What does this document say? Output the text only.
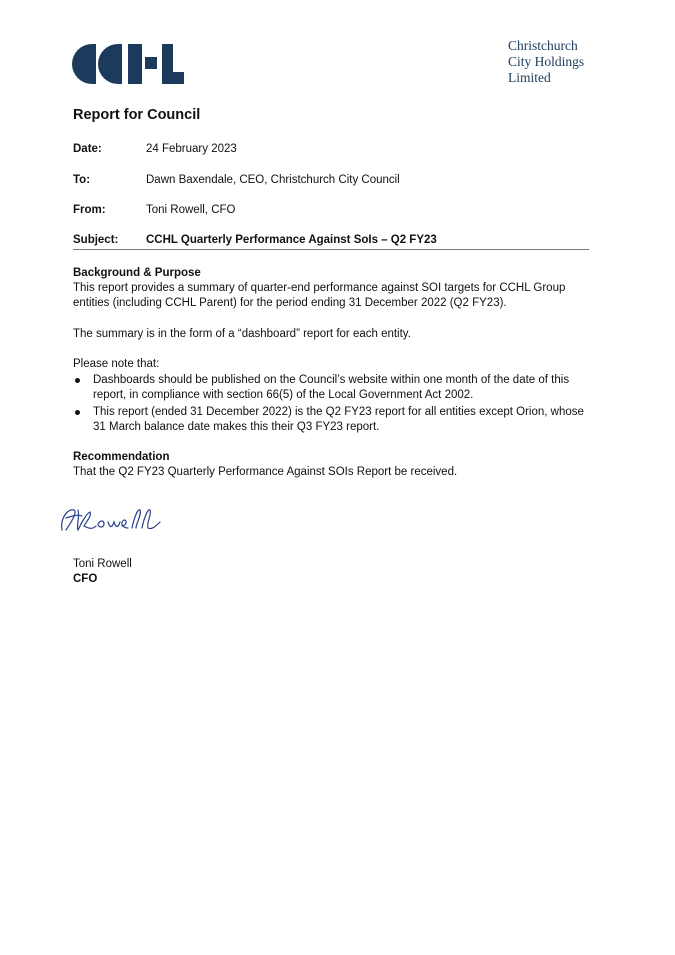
Christchurch
City Holdings
Limited
Report for Council
Date:	24 February 2023
To:	Dawn Baxendale, CEO, Christchurch City Council
From:	Toni Rowell, CFO
Subject: CCHL Quarterly Performance Against SoIs – Q2 FY23

Background & Purpose

This report provides a summary of quarter-end performance against SOI targets for CCHL Group entities (including CCHL Parent) for the period ending 31 December 2022 (Q2 FY23).

The summary is in the form of a “dashboard” report for each entity.

Please note that:

Dashboards should be published on the Council’s website within one month of the date of this report, in compliance with section 66(5) of the Local Government Act 2002.
This report (ended 31 December 2022) is the Q2 FY23 report for all entities except Orion, whose 31 March balance date makes this their Q3 FY23 report.

Recommendation

That the Q2 FY23 Quarterly Performance Against SOIs Report be received.

Toni Rowell
CFO
